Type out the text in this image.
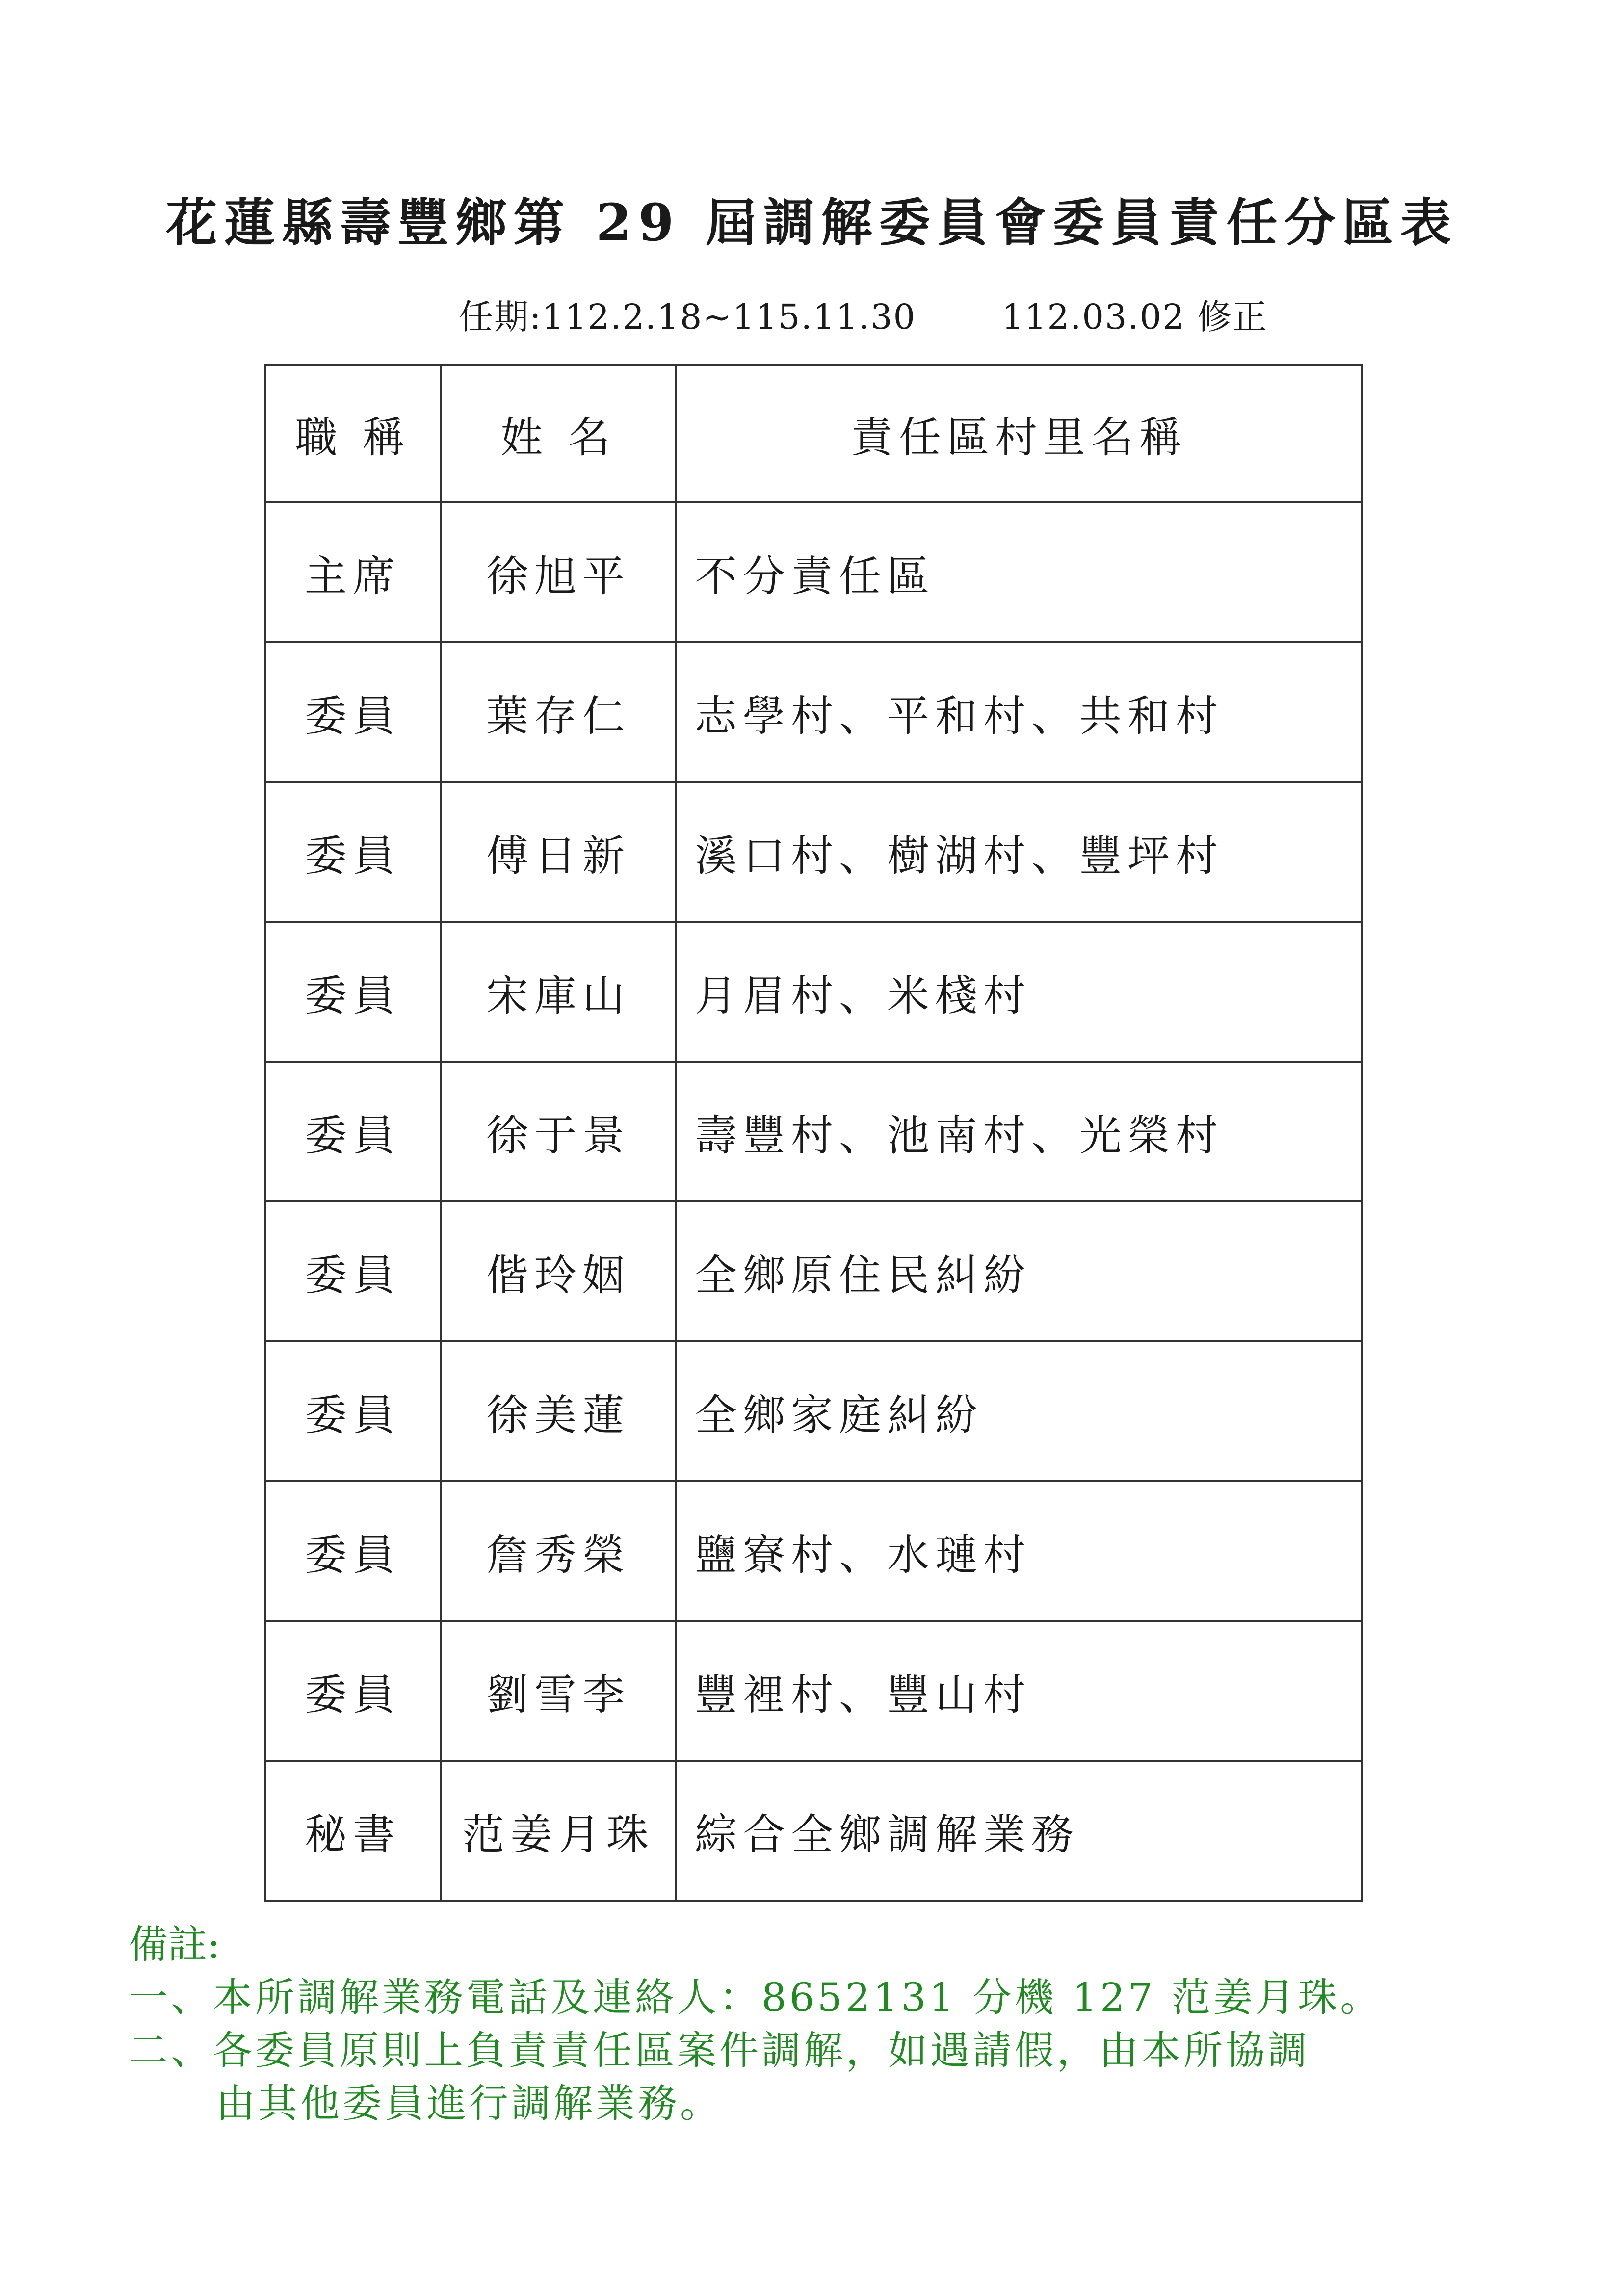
花蓮縣壽豐鄉第 29 屆調解委員會委員責任分區表
任期:112.2.18~115.11.30 112.03.02 修正
職 稱	姓 名	責任區村里名稱
主席	徐旭平	不分責任區
委員	葉存仁	志學村、平和村、共和村
委員	傅日新	溪口村、樹湖村、豐坪村
委員	宋庫山	月眉村、米棧村
委員	徐于景	壽豐村、池南村、光榮村
委員	偕玲姻	全鄉原住民糾紛
委員	徐美蓮	全鄉家庭糾紛
委員	詹秀榮	鹽寮村、水璉村
委員	劉雪李	豐裡村、豐山村
秘書	范姜月珠	綜合全鄉調解業務
備註:
一、本所調解業務電話及連絡人：8652131 分機 127 范姜月珠。
二、各委員原則上負責責任區案件調解，如遇請假，由本所協調
由其他委員進行調解業務。
